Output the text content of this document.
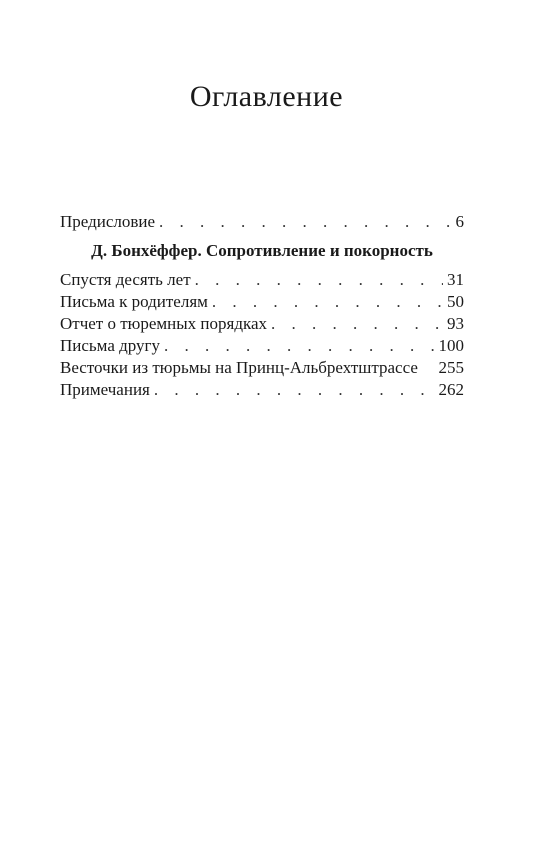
Оглавление
Предисловие . . .	6
Д. Бонхёффер. Сопротивление и покорность
Спустя десять лет . . .	31
Письма к родителям . . .	50
Отчет о тюремных порядках . . .	93
Письма другу . . .	100
Весточки из тюрьмы на Принц-Альбрехтштрассе 255
Примечания . . .	262
